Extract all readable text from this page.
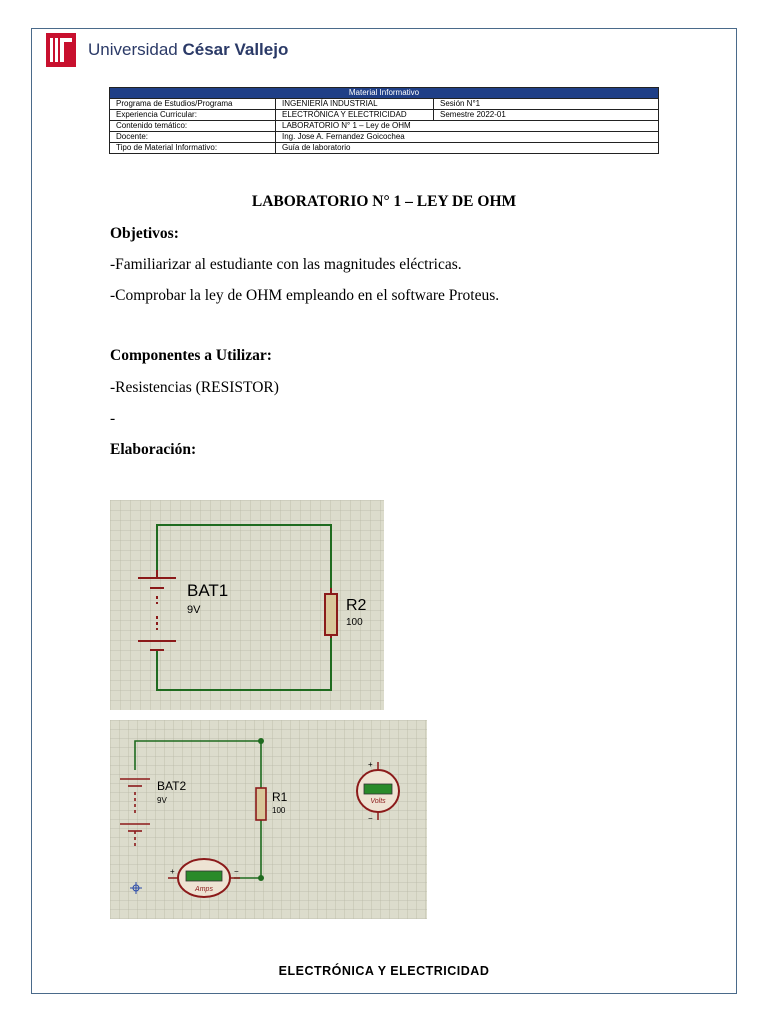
Universidad César Vallejo
Material Informativo		
Programa de Estudios/Programa	INGENIERÍA INDUSTRIAL	Sesión N°1
Experiencia Curricular:	ELECTRÓNICA Y ELECTRICIDAD	Semestre 2022-01
Contenido temático:	LABORATORIO N° 1 – Ley de OHM	
Docente:	Ing. Jose A. Fernandez Goicochea	
Tipo de Material Informativo:	Guía de laboratorio	
LABORATORIO N° 1 – LEY DE OHM
Objetivos:
-Familiarizar al estudiante con las magnitudes eléctricas.
-Comprobar la ley de OHM empleando en el software Proteus.
Componentes a Utilizar:
-Resistencias (RESISTOR)
-
Elaboración:
BAT1
9V	R2
100
BAT2
9V	R1
100
Amps
+	−
Volts
+
−
ELECTRÓNICA Y ELECTRICIDAD
